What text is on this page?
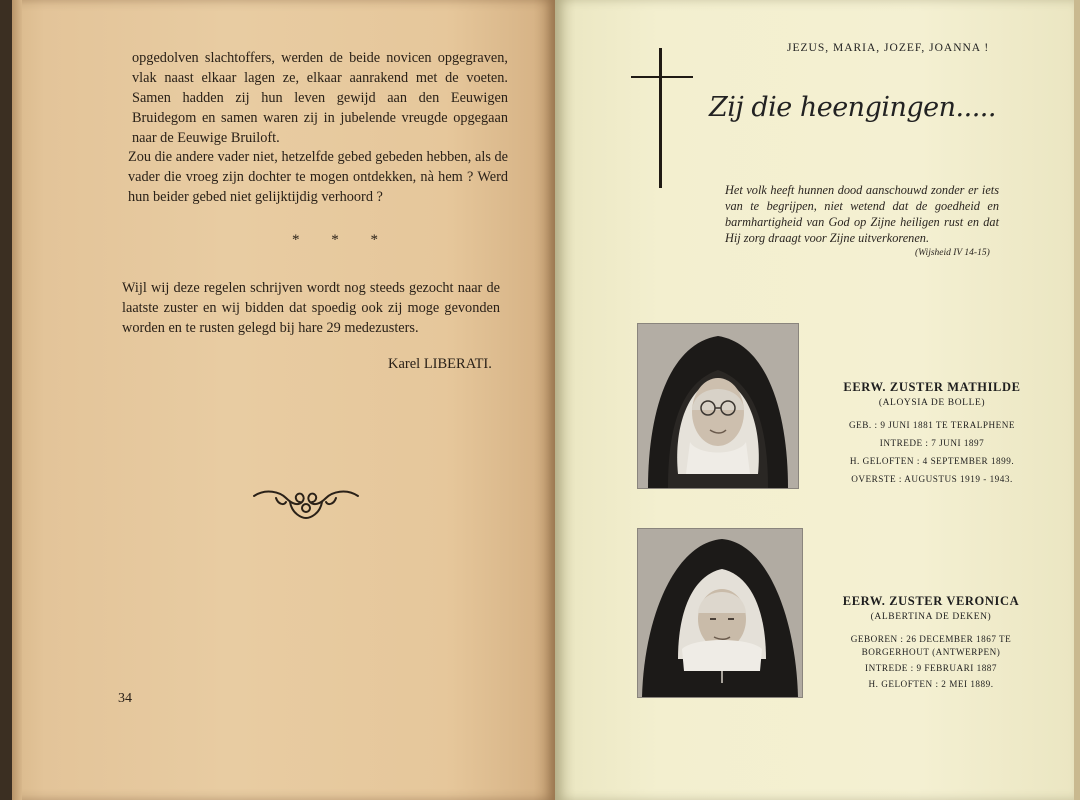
opgedolven slachtoffers, werden de beide novicen opgegraven, vlak naast elkaar lagen ze, elkaar aanrakend met de voeten. Samen hadden zij hun leven gewijd aan den Eeuwigen Bruidegom en samen waren zij in jubelende vreugde opgegaan naar de Eeuwige Bruiloft.

Zou die andere vader niet, hetzelfde gebed gebeden hebben, als de vader die vroeg zijn dochter te mogen ontdekken, nà hem ? Werd hun beider gebed niet gelijktijdig verhoord ?

* * *

Wijl wij deze regelen schrijven wordt nog steeds gezocht naar de laatste zuster en wij bidden dat spoedig ook zij moge gevonden worden en te rusten gelegd bij hare 29 medezusters.

Karel LIBERATI.
34
JEZUS, MARIA, JOZEF, JOANNA !
Zij die heengingen.....

Het volk heeft hunnen dood aanschouwd zonder er iets van te begrijpen, niet wetend dat de goedheid en barmhartigheid van God op Zijne heiligen rust en dat Hij zorg draagt voor Zijne uitverkorenen.

(Wijsheid IV 14-15)
EERW. ZUSTER MATHILDE
(ALOYSIA DE BOLLE)
GEB. : 9 JUNI 1881 TE TERALPHENE
INTREDE : 7 JUNI 1897
H. GELOFTEN : 4 SEPTEMBER 1899.
OVERSTE : AUGUSTUS 1919 - 1943.
EERW. ZUSTER VERONICA
(ALBERTINA DE DEKEN)
GEBOREN : 26 DECEMBER 1867 TE
BORGERHOUT (ANTWERPEN)
INTREDE : 9 FEBRUARI 1887
H. GELOFTEN : 2 MEI 1889.
